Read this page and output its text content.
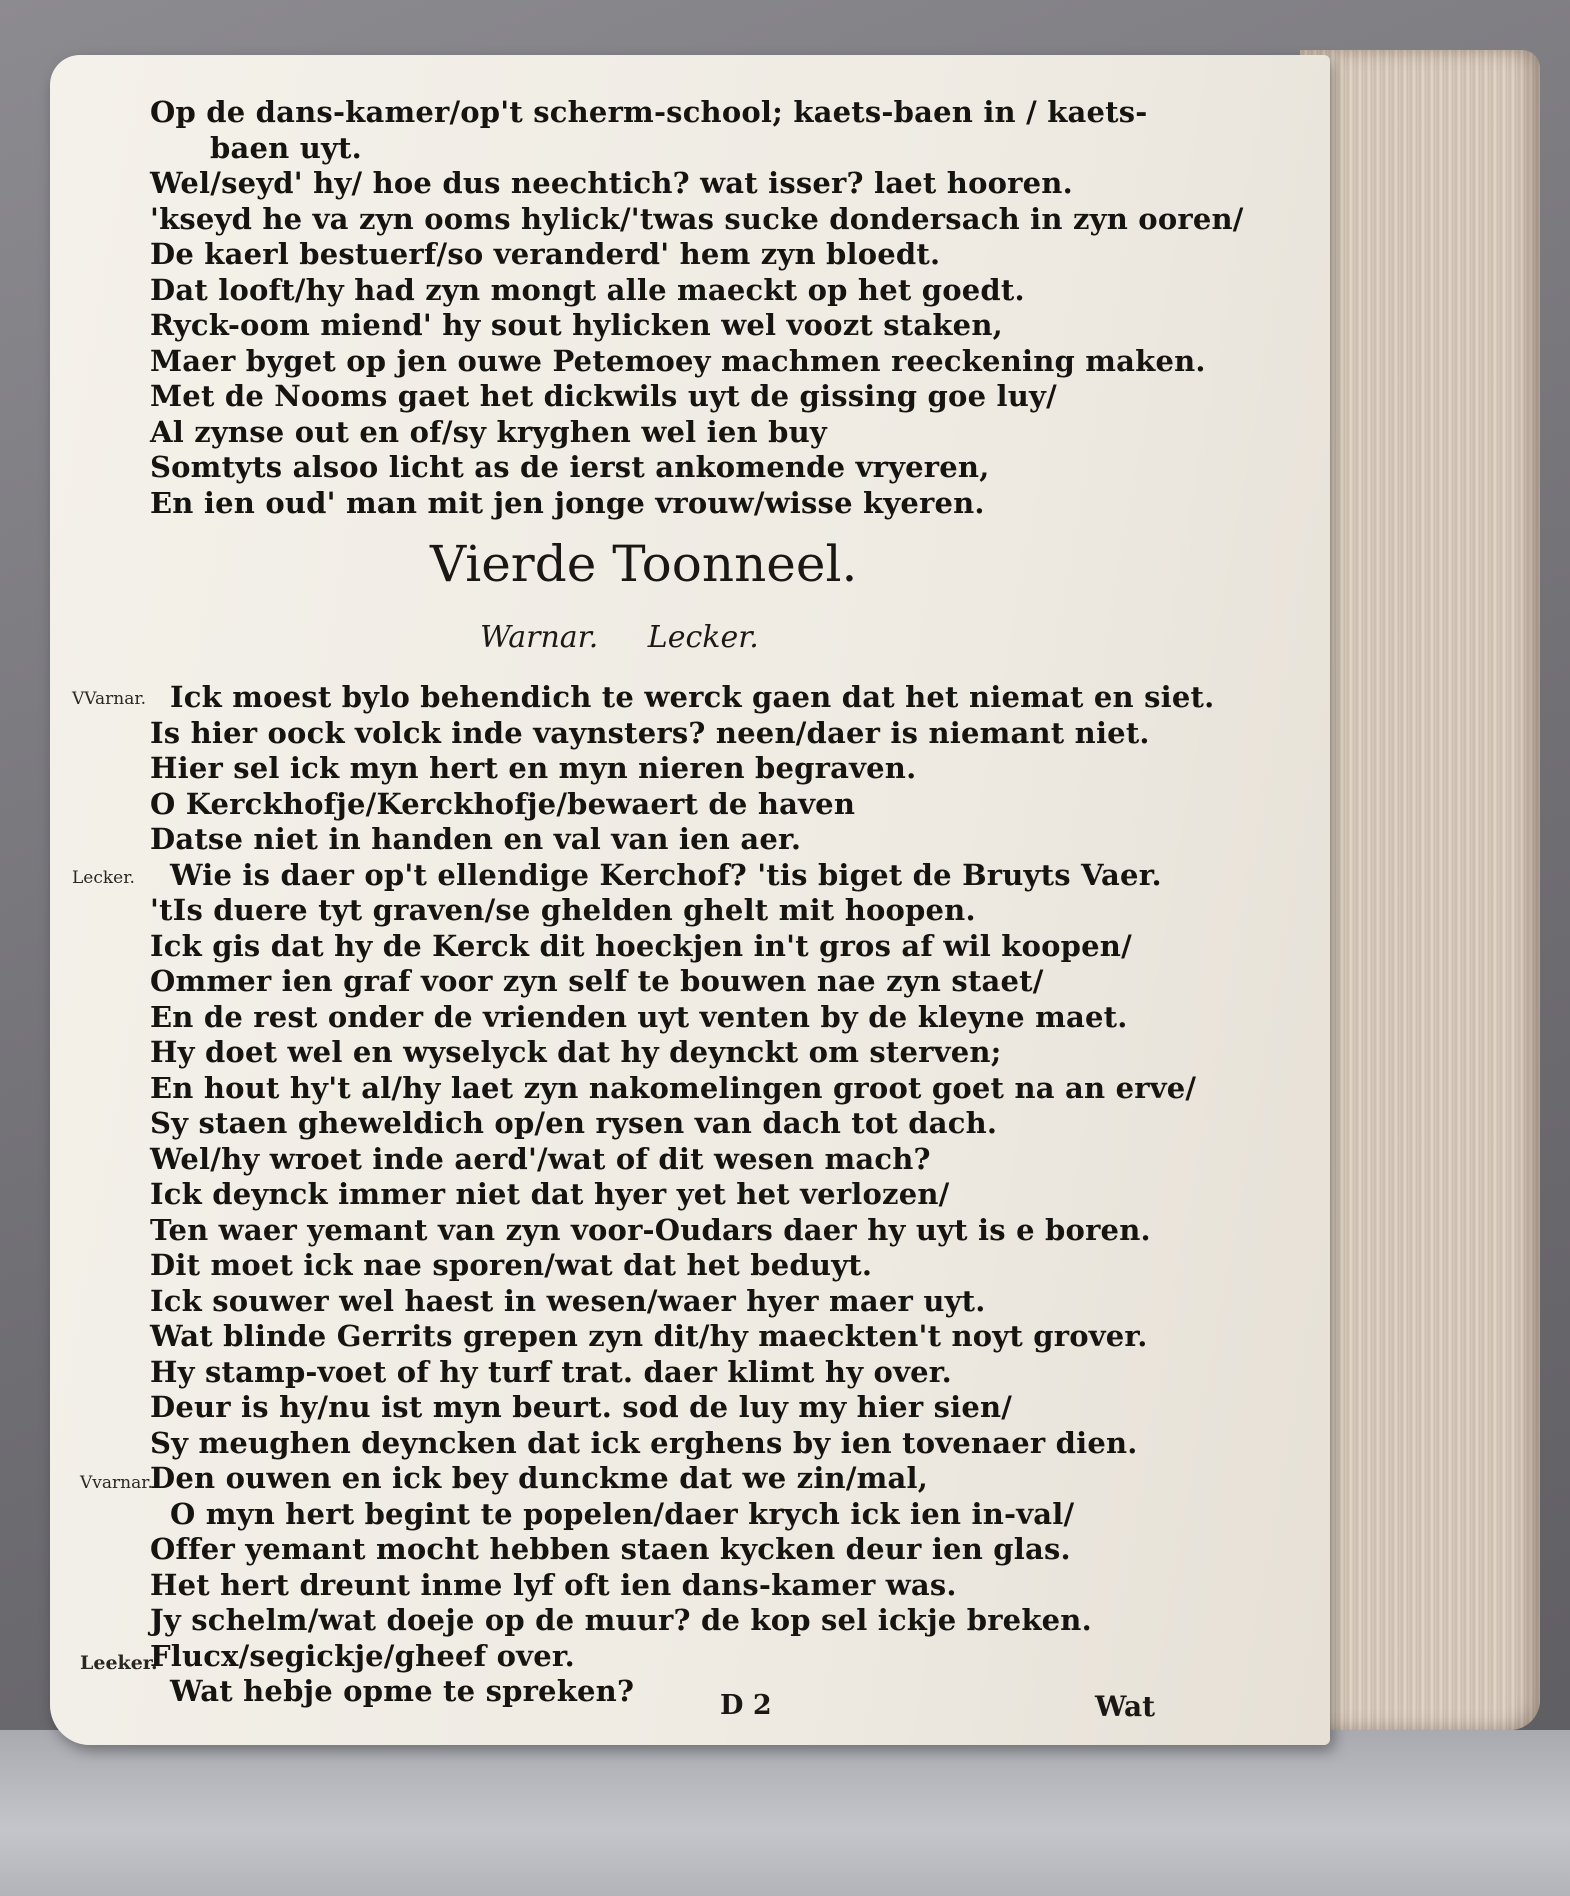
Op de dans-kamer/op't scherm-school; kaets-baen in / kaets-
baen uyt.
Wel/seyd' hy/ hoe dus neechtich? wat isser? laet hooren.
'kseyd he va zyn ooms hylick/'twas sucke dondersach in zyn ooren/
De kaerl bestuerf/so veranderd' hem zyn bloedt.
Dat looft/hy had zyn mongt alle maeckt op het goedt.
Ryck-oom miend' hy sout hylicken wel voozt staken,
Maer byget op jen ouwe Petemoey machmen reeckening maken.
Met de Nooms gaet het dickwils uyt de gissing goe luy/
Al zynse out en of/sy kryghen wel ien buy
Somtyts alsoo licht as de ierst ankomende vryeren,
En ien oud' man mit jen jonge vrouw/wisse kyeren.
Vierde Toonneel.
Warnar. Lecker.
VVarnar.
Lecker.
Vvarnar.
Leeker.
Ick moest bylo behendich te werck gaen dat het niemat en siet.
Is hier oock volck inde vaynsters? neen/daer is niemant niet.
Hier sel ick myn hert en myn nieren begraven.
O Kerckhofje/Kerckhofje/bewaert de haven
Datse niet in handen en val van ien aer.
Wie is daer op't ellendige Kerchof? 'tis biget de Bruyts Vaer.
'tIs duere tyt graven/se ghelden ghelt mit hoopen.
Ick gis dat hy de Kerck dit hoeckjen in't gros af wil koopen/
Ommer ien graf voor zyn self te bouwen nae zyn staet/
En de rest onder de vrienden uyt venten by de kleyne maet.
Hy doet wel en wyselyck dat hy deynckt om sterven;
En hout hy't al/hy laet zyn nakomelingen groot goet na an erve/
Sy staen gheweldich op/en rysen van dach tot dach.
Wel/hy wroet inde aerd'/wat of dit wesen mach?
Ick deynck immer niet dat hyer yet het verlozen/
Ten waer yemant van zyn voor-Oudars daer hy uyt is e boren.
Dit moet ick nae sporen/wat dat het beduyt.
Ick souwer wel haest in wesen/waer hyer maer uyt.
Wat blinde Gerrits grepen zyn dit/hy maeckten't noyt grover.
Hy stamp-voet of hy turf trat. daer klimt hy over.
Deur is hy/nu ist myn beurt. sod de luy my hier sien/
Sy meughen deyncken dat ick erghens by ien tovenaer dien.
Den ouwen en ick bey dunckme dat we zin/mal,
O myn hert begint te popelen/daer krych ick ien in-val/
Offer yemant mocht hebben staen kycken deur ien glas.
Het hert dreunt inme lyf oft ien dans-kamer was.
Jy schelm/wat doeje op de muur? de kop sel ickje breken.
Flucx/segickje/gheef over.
Wat hebje opme te spreken?	D 2	Wat
